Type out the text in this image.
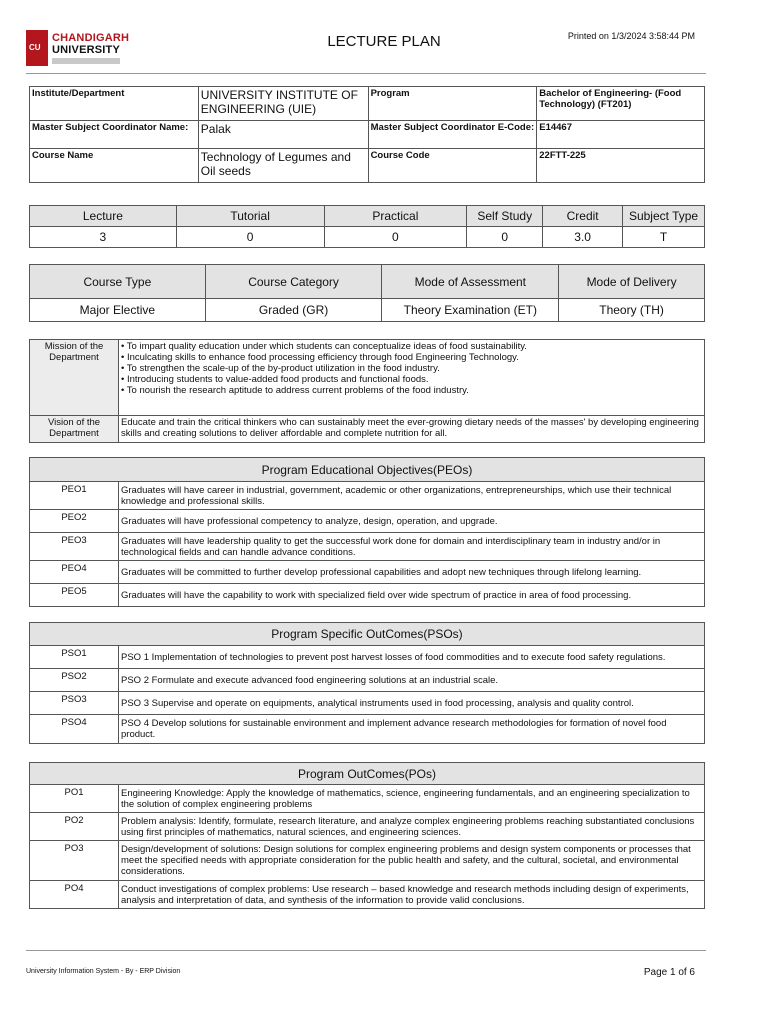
CU
CHANDIGARH
UNIVERSITY	LECTURE PLAN	Printed on 1/3/2024 3:58:44 PM
Institute/Department	UNIVERSITY INSTITUTE OF ENGINEERING (UIE)	Program	Bachelor of Engineering- (Food Technology) (FT201)
Master Subject Coordinator Name:	Palak	Master Subject Coordinator E-Code:	E14467
Course Name	Technology of Legumes and Oil seeds	Course Code	22FTT-225
Lecture	Tutorial	Practical	Self Study	Credit	Subject Type
3	0	0	0	3.0	T
Course Type	Course Category	Mode of Assessment	Mode of Delivery
Major Elective	Graded (GR)	Theory Examination (ET)	Theory (TH)
Mission of the Department	• To impart quality education under which students can conceptualize ideas of food sustainability.
• Inculcating skills to enhance food processing efficiency through food Engineering Technology.
• To strengthen the scale-up of the by-product utilization in the food industry.
• Introducing students to value-added food products and functional foods.
• To nourish the research aptitude to address current problems of the food industry.

Vision of the Department	Educate and train the critical thinkers who can sustainably meet the ever-growing dietary needs of the masses' by developing engineering skills and creating solutions to deliver affordable and complete nutrition for all.
Program Educational Objectives(PEOs)	
PEO1	Graduates will have career in industrial, government, academic or other organizations, entrepreneurships, which use their technical knowledge and professional skills.
PEO2	Graduates will have professional competency to analyze, design, operation, and upgrade.
PEO3	Graduates will have leadership quality to get the successful work done for domain and interdisciplinary team in industry and/or in technological fields and can handle advance conditions.
PEO4	Graduates will be committed to further develop professional capabilities and adopt new techniques through lifelong learning.
PEO5	Graduates will have the capability to work with specialized field over wide spectrum of practice in area of food processing.
Program Specific OutComes(PSOs)	
PSO1	PSO 1 Implementation of technologies to prevent post harvest losses of food commodities and to execute food safety regulations.
PSO2	PSO 2 Formulate and execute advanced food engineering solutions at an industrial scale.
PSO3	PSO 3 Supervise and operate on equipments, analytical instruments used in food processing, analysis and quality control.
PSO4	PSO 4 Develop solutions for sustainable environment and implement advance research methodologies for formation of novel food product.
Program OutComes(POs)	
PO1	Engineering Knowledge: Apply the knowledge of mathematics, science, engineering fundamentals, and an engineering specialization to the solution of complex engineering problems
PO2	Problem analysis: Identify, formulate, research literature, and analyze complex engineering problems reaching substantiated conclusions using first principles of mathematics, natural sciences, and engineering sciences.
PO3	Design/development of solutions: Design solutions for complex engineering problems and design system components or processes that meet the specified needs with appropriate consideration for the public health and safety, and the cultural, societal, and environmental considerations.
PO4	Conduct investigations of complex problems: Use research – based knowledge and research methods including design of experiments, analysis and interpretation of data, and synthesis of the information to provide valid conclusions.
University Information System - By - ERP Division	Page 1 of 6
